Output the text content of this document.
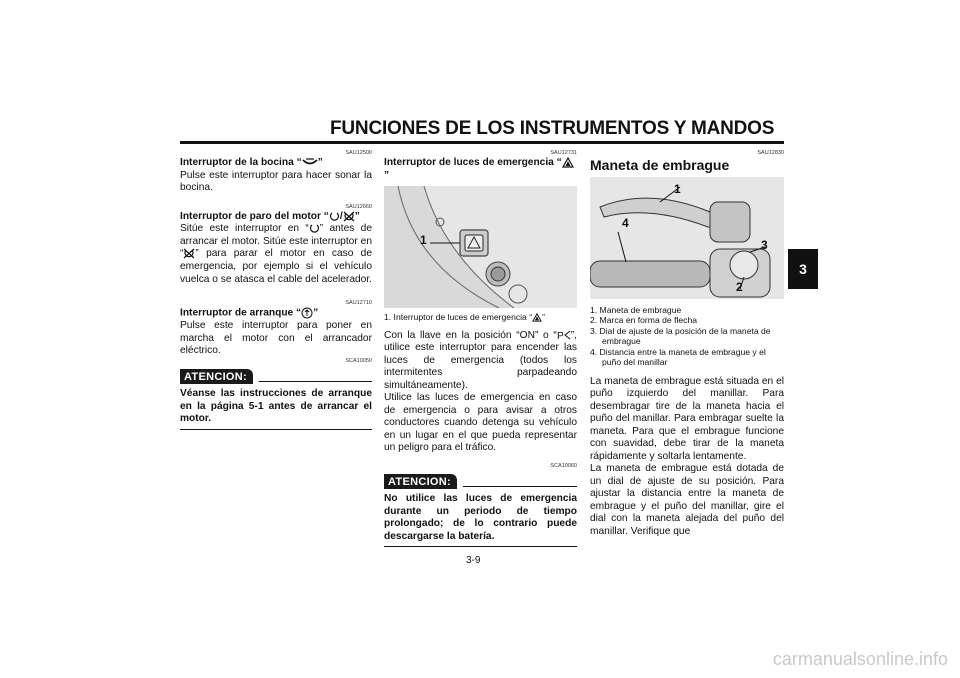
FUNCIONES DE LOS INSTRUMENTOS Y MANDOS
3
SAU12500
Interruptor de la bocina “ ”

Pulse este interruptor para hacer sonar la bocina.

SAU12660
Interruptor de paro del motor “ / ”

Sitúe este interruptor en “ ” antes de arrancar el motor. Sitúe este interruptor en “ ” para parar el motor en caso de emergencia, por ejemplo si el vehículo vuelca o se atasca el cable del acelerador.

SAU12710
Interruptor de arranque “ ”

Pulse este interruptor para poner en marcha el motor con el arrancador eléctrico.

SCA10050
ATENCION:
Véanse las instrucciones de arranque en la página 5-1 antes de arrancar el motor.
SAU12731
Interruptor de luces de emergencia “”
1
1. Interruptor de luces de emergencia “ ”

Con la llave en la posición “ON” o “ P ”, utilice este interruptor para encender las luces de emergencia (todos los intermitentes parpadeando simultáneamente).

Utilice las luces de emergencia en caso de emergencia o para avisar a otros conductores cuando detenga su vehículo en un lugar en el que pueda representar un peligro para el tráfico.

SCA10060
ATENCION:
No utilice las luces de emergencia durante un periodo de tiempo prolongado; de lo contrario puede descargarse la batería.
SAU12830
Maneta de embrague
1
4
3
2
1. Maneta de embrague
2. Marca en forma de flecha
3. Dial de ajuste de la posición de la maneta de embrague
4. Distancia entre la maneta de embrague y el puño del manillar

La maneta de embrague está situada en el puño izquierdo del manillar. Para desembragar tire de la maneta hacia el puño del manillar. Para embragar suelte la maneta. Para que el embrague funcione con suavidad, debe tirar de la maneta rápidamente y soltarla lentamente.

La maneta de embrague está dotada de un dial de ajuste de su posición. Para ajustar la distancia entre la maneta de embrague y el puño del manillar, gire el dial con la maneta alejada del puño del manillar. Verifique que

3-9
carmanualsonline.info
